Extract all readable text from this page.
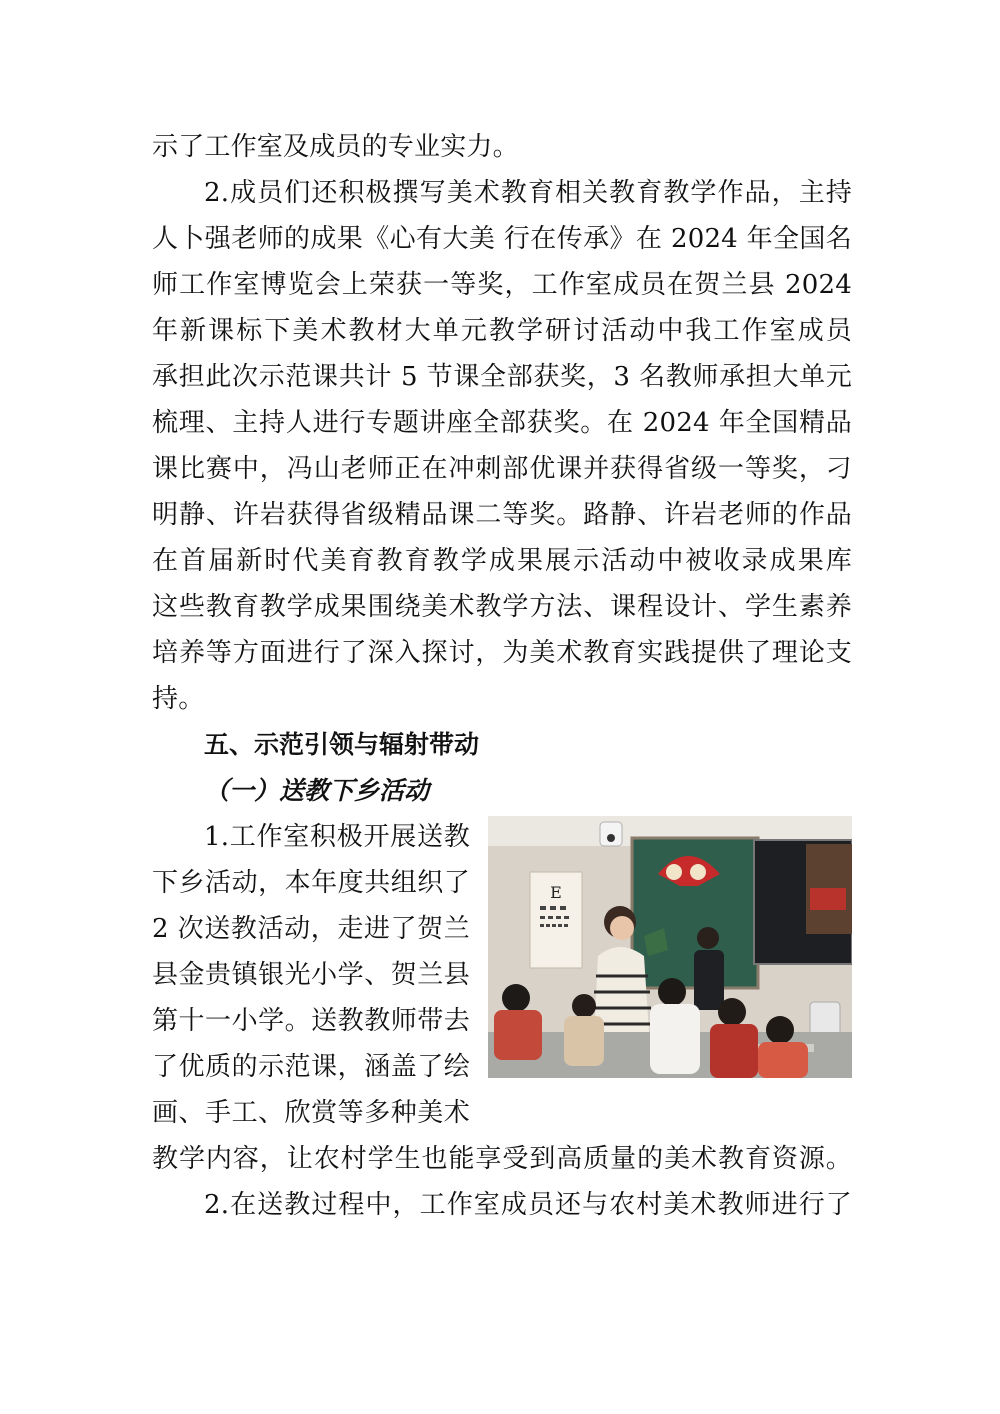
示了工作室及成员的专业实力。
2.成员们还积极撰写美术教育相关教育教学作品，主持
人卜强老师的成果《心有大美 行在传承》在 2024 年全国名
师工作室博览会上荣获一等奖，工作室成员在贺兰县 2024
年新课标下美术教材大单元教学研讨活动中我工作室成员
承担此次示范课共计 5 节课全部获奖，3 名教师承担大单元
梳理、主持人进行专题讲座全部获奖。在 2024 年全国精品
课比赛中，冯山老师正在冲刺部优课并获得省级一等奖，刁
明静、许岩获得省级精品课二等奖。路静、许岩老师的作品
在首届新时代美育教育教学成果展示活动中被收录成果库
这些教育教学成果围绕美术教学方法、课程设计、学生素养
培养等方面进行了深入探讨，为美术教育实践提供了理论支
持。
五、示范引领与辐射带动
（一）送教下乡活动
1.工作室积极开展送教
下乡活动，本年度共组织了
2 次送教活动，走进了贺兰
县金贵镇银光小学、贺兰县
第十一小学。送教教师带去
了优质的示范课，涵盖了绘
画、手工、欣赏等多种美术
E
教学内容，让农村学生也能享受到高质量的美术教育资源。
2.在送教过程中，工作室成员还与农村美术教师进行了
